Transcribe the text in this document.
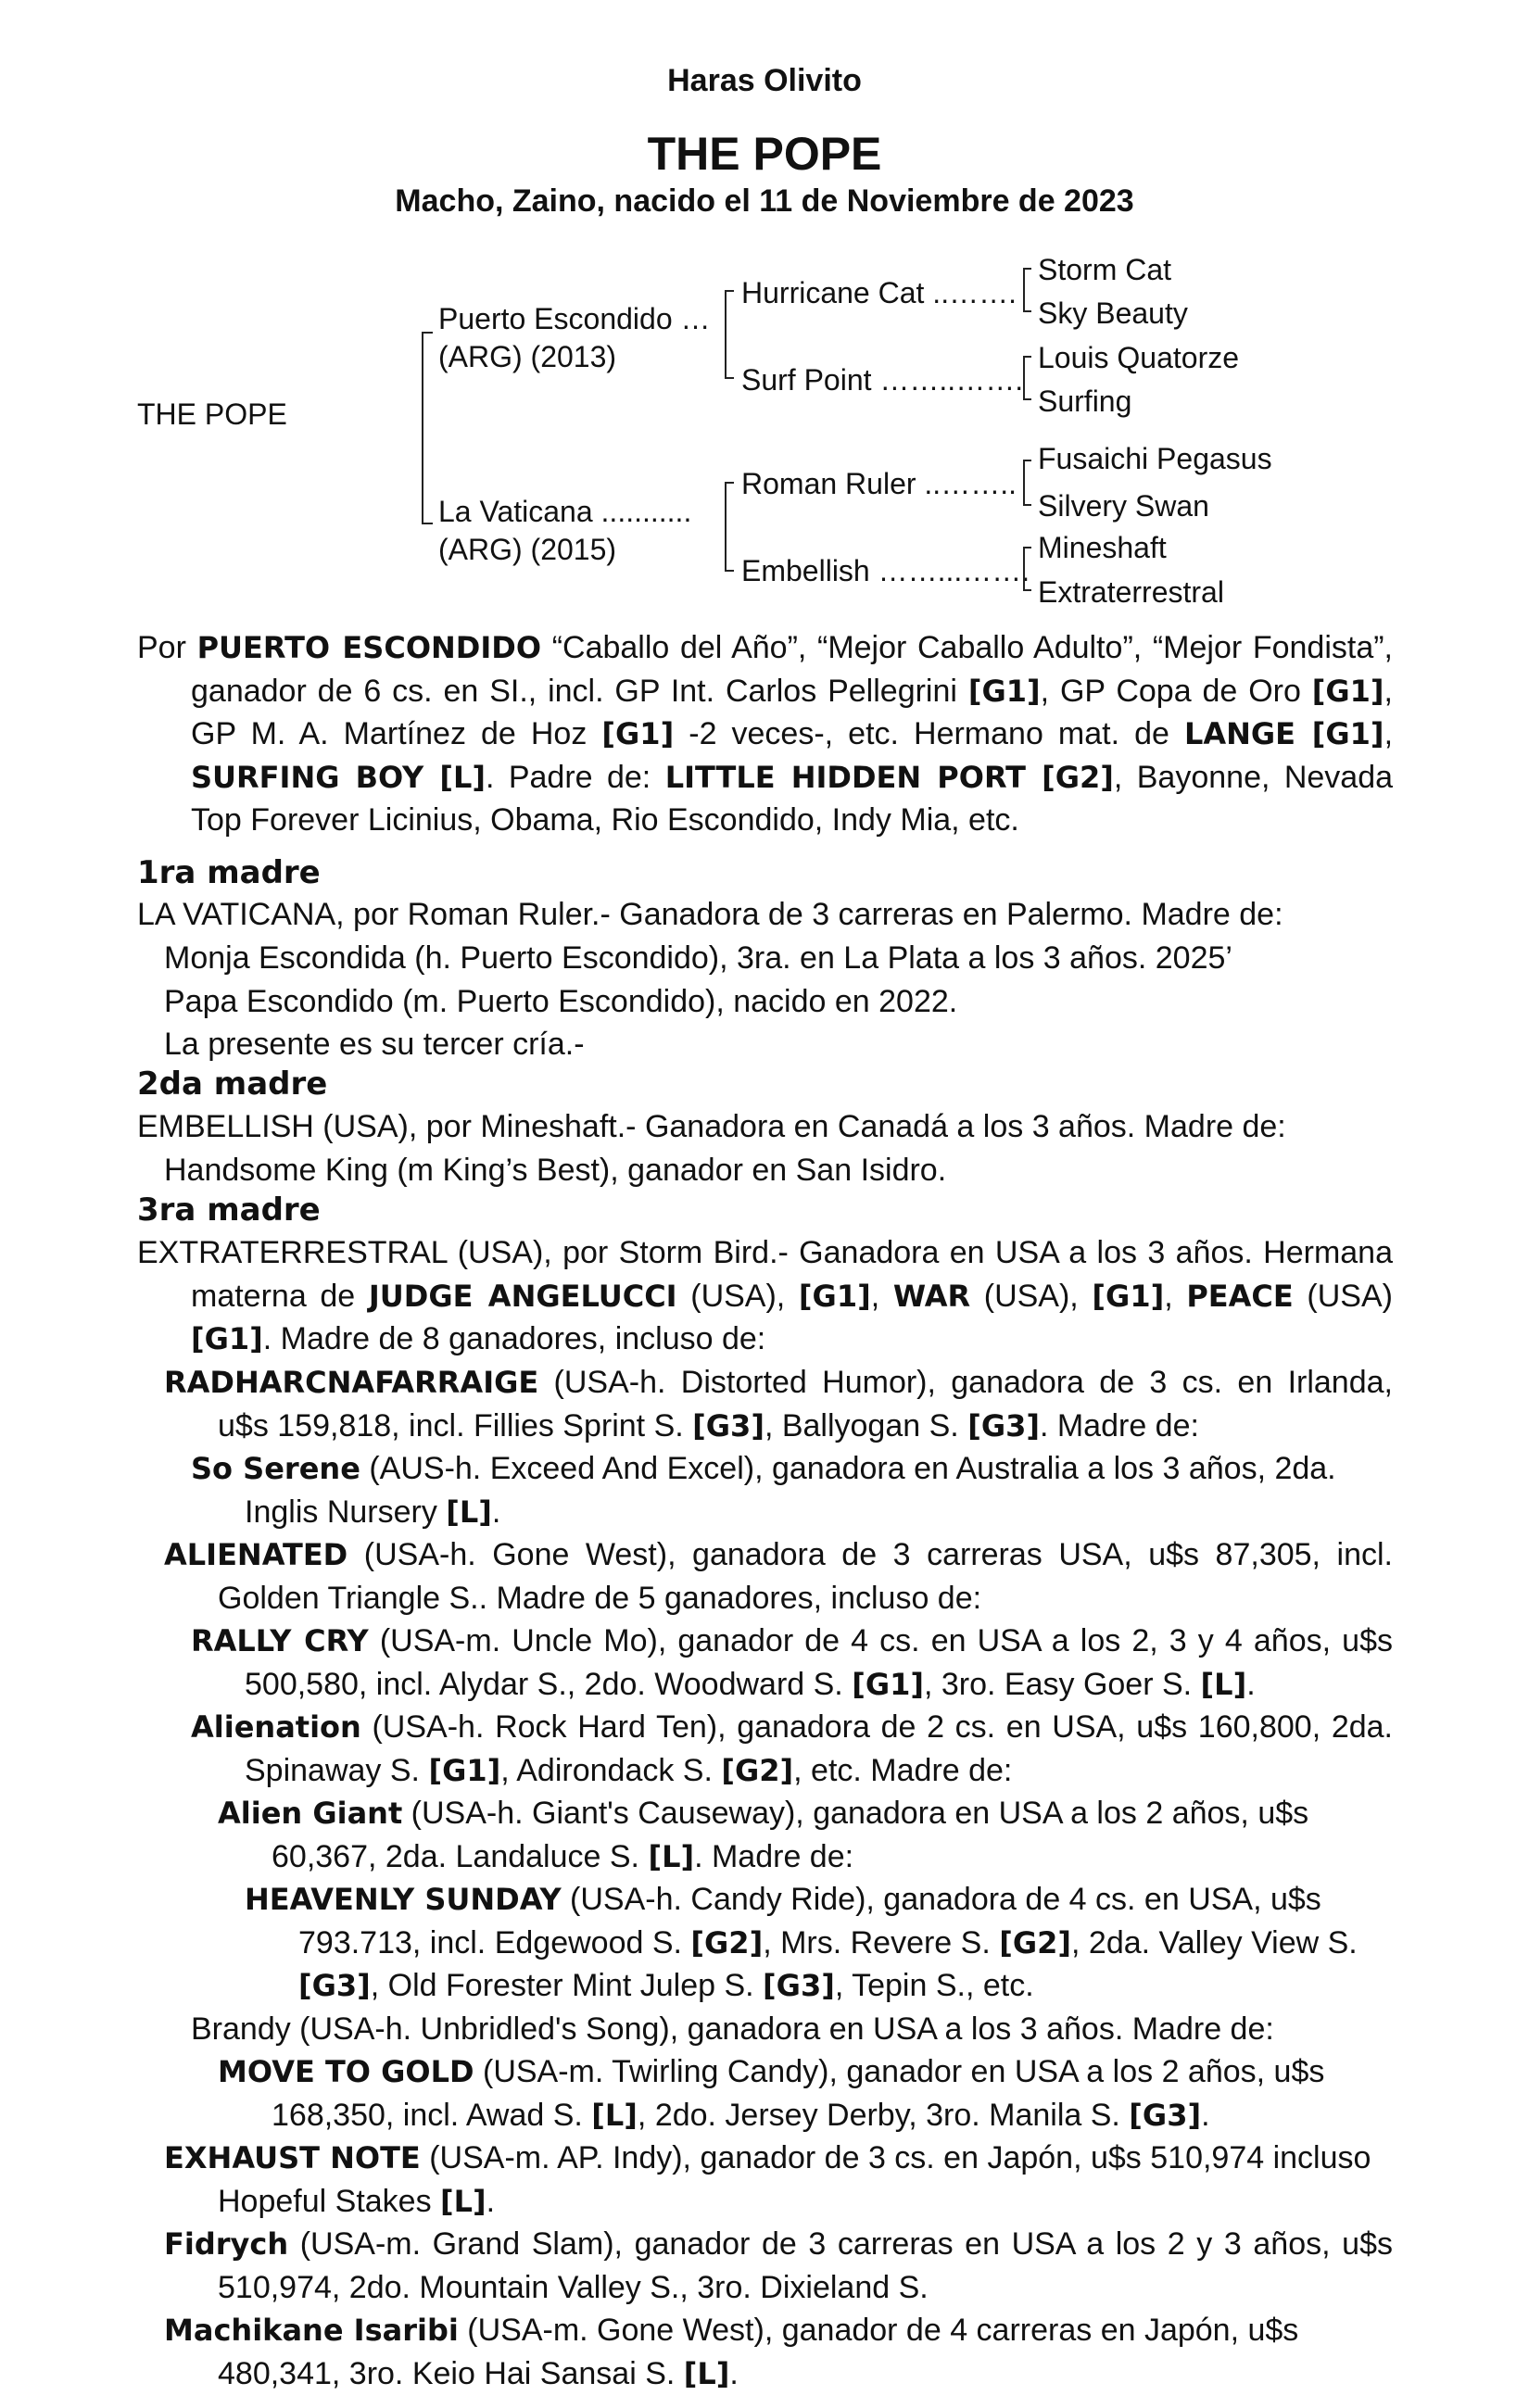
Haras Olivito
THE POPE
Macho, Zaino, nacido el 11 de Noviembre de 2023
THE POPE
Puerto Escondido …
(ARG) (2013)
La Vaticana ...........
(ARG) (2015)
Hurricane Cat ..…….
Surf Point ……..…….
Roman Ruler ..……..
Embellish ……...…….
Storm Cat
Sky Beauty
Louis Quatorze
Surfing
Fusaichi Pegasus
Silvery Swan
Mineshaft
Extraterrestral
Por PUERTO ESCONDIDO “Caballo del Año”, “Mejor Caballo Adulto”, “Mejor Fondista”, ganador de 6 cs. en SI., incl. GP Int. Carlos Pellegrini [G1], GP Copa de Oro [G1], GP M. A. Martínez de Hoz [G1] -2 veces-, etc. Hermano mat. de LANGE [G1], SURFING BOY [L]. Padre de: LITTLE HIDDEN PORT [G2], Bayonne, Nevada Top Forever Licinius, Obama, Rio Escondido, Indy Mia, etc.
1ra madre
LA VATICANA, por Roman Ruler.- Ganadora de 3 carreras en Palermo. Madre de:
Monja Escondida (h. Puerto Escondido), 3ra. en La Plata a los 3 años. 2025’
Papa Escondido (m. Puerto Escondido), nacido en 2022.
La presente es su tercer cría.-
2da madre
EMBELLISH (USA), por Mineshaft.- Ganadora en Canadá a los 3 años. Madre de:
Handsome King (m King’s Best), ganador en San Isidro.
3ra madre
EXTRATERRESTRAL (USA), por Storm Bird.- Ganadora en USA a los 3 años. Hermana materna de JUDGE ANGELUCCI (USA), [G1], WAR (USA), [G1], PEACE (USA) [G1]. Madre de 8 ganadores, incluso de:
RADHARCNAFARRAIGE (USA-h. Distorted Humor), ganadora de 3 cs. en Irlanda, u$s 159,818, incl. Fillies Sprint S. [G3], Ballyogan S. [G3]. Madre de:
So Serene (AUS-h. Exceed And Excel), ganadora en Australia a los 3 años, 2da. Inglis Nursery [L].
ALIENATED (USA-h. Gone West), ganadora de 3 carreras USA, u$s 87,305, incl. Golden Triangle S.. Madre de 5 ganadores, incluso de:
RALLY CRY (USA-m. Uncle Mo), ganador de 4 cs. en USA a los 2, 3 y 4 años, u$s 500,580, incl. Alydar S., 2do. Woodward S. [G1], 3ro. Easy Goer S. [L].
Alienation (USA-h. Rock Hard Ten), ganadora de 2 cs. en USA, u$s 160,800, 2da. Spinaway S. [G1], Adirondack S. [G2], etc. Madre de:
Alien Giant (USA-h. Giant's Causeway), ganadora en USA a los 2 años, u$s 60,367, 2da. Landaluce S. [L]. Madre de:
HEAVENLY SUNDAY (USA-h. Candy Ride), ganadora de 4 cs. en USA, u$s 793.713, incl. Edgewood S. [G2], Mrs. Revere S. [G2], 2da. Valley View S. [G3], Old Forester Mint Julep S. [G3], Tepin S., etc.
Brandy (USA-h. Unbridled's Song), ganadora en USA a los 3 años. Madre de:
MOVE TO GOLD (USA-m. Twirling Candy), ganador en USA a los 2 años, u$s 168,350, incl. Awad S. [L], 2do. Jersey Derby, 3ro. Manila S. [G3].
EXHAUST NOTE (USA-m. AP. Indy), ganador de 3 cs. en Japón, u$s 510,974 incluso Hopeful Stakes [L].
Fidrych (USA-m. Grand Slam), ganador de 3 carreras en USA a los 2 y 3 años, u$s 510,974, 2do. Mountain Valley S., 3ro. Dixieland S.
Machikane Isaribi (USA-m. Gone West), ganador de 4 carreras en Japón, u$s 480,341, 3ro. Keio Hai Sansai S. [L].
